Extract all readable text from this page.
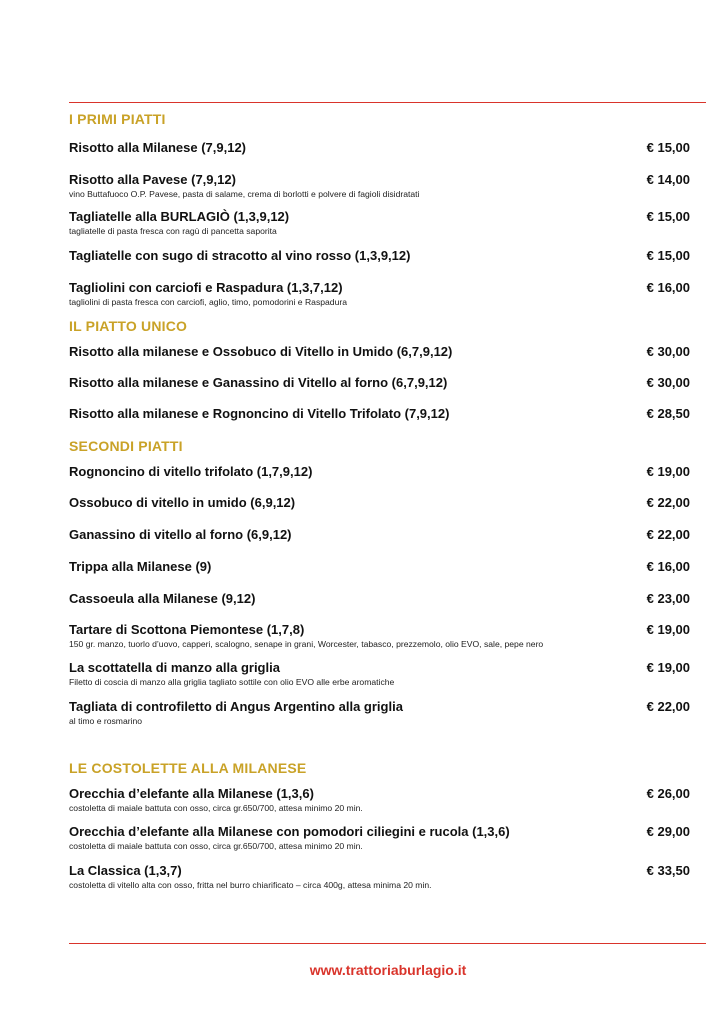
I PRIMI PIATTI
Risotto alla Milanese (7,9,12)	€ 15,00
Risotto alla Pavese (7,9,12)	€ 14,00
vino Buttafuoco O.P. Pavese, pasta di salame, crema di borlotti e polvere di fagioli disidratati
Tagliatelle alla BURLAGIÒ (1,3,9,12)	€ 15,00
tagliatelle di pasta fresca con ragù di pancetta saporita
Tagliatelle con sugo di stracotto al vino rosso (1,3,9,12)	€ 15,00
Tagliolini con carciofi e Raspadura (1,3,7,12)	€ 16,00
tagliolini di pasta fresca con carciofi, aglio, timo, pomodorini e Raspadura
IL PIATTO UNICO
Risotto alla milanese e Ossobuco di Vitello in Umido (6,7,9,12)	€ 30,00
Risotto alla milanese e Ganassino di Vitello al forno (6,7,9,12)	€ 30,00
Risotto alla milanese e Rognoncino di Vitello Trifolato (7,9,12)	€ 28,50
SECONDI PIATTI
Rognoncino di vitello trifolato (1,7,9,12)	€ 19,00
Ossobuco di vitello in umido (6,9,12)	€ 22,00
Ganassino di vitello al forno (6,9,12)	€ 22,00
Trippa alla Milanese (9)	€ 16,00
Cassoeula alla Milanese (9,12)	€ 23,00
Tartare di Scottona Piemontese (1,7,8)	€ 19,00
150 gr. manzo, tuorlo d’uovo, capperi, scalogno, senape in grani, Worcester, tabasco, prezzemolo, olio EVO, sale, pepe nero
La scottatella di manzo alla griglia	€ 19,00
Filetto di coscia di manzo alla griglia tagliato sottile con olio EVO alle erbe aromatiche
Tagliata di controfiletto di Angus Argentino alla griglia	€ 22,00
al timo e rosmarino
LE COSTOLETTE ALLA MILANESE
Orecchia d’elefante alla Milanese (1,3,6)	€ 26,00
costoletta di maiale battuta con osso, circa gr.650/700, attesa minimo 20 min.
Orecchia d’elefante alla Milanese con pomodori ciliegini e rucola (1,3,6)	€ 29,00
costoletta di maiale battuta con osso, circa gr.650/700, attesa minimo 20 min.
La Classica (1,3,7)	€ 33,50
costoletta di vitello alta con osso, fritta nel burro chiarificato – circa 400g, attesa minima 20 min.
www.trattoriaburlagio.it
